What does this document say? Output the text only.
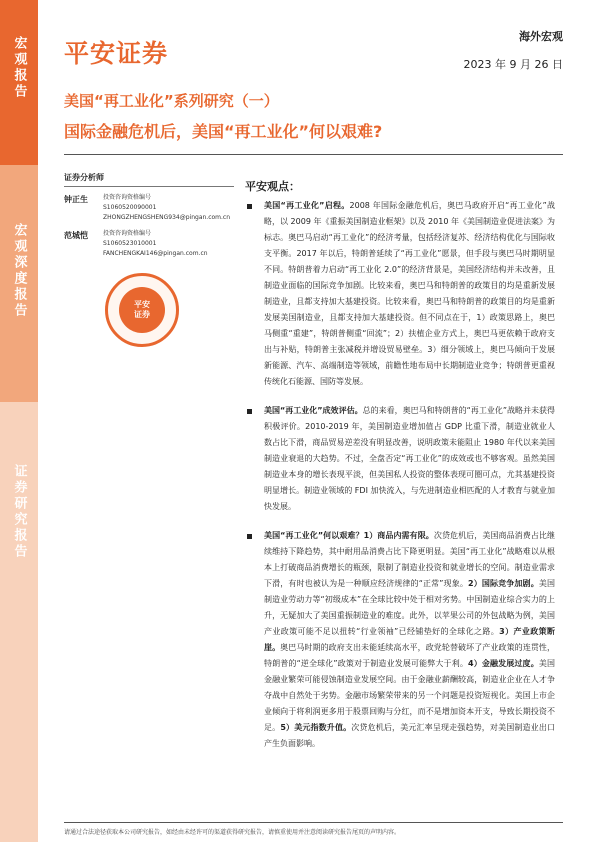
宏观报告
宏观深度报告
证券研究报告
平安证券
海外宏观
2023 年 9 月 26 日
美国“再工业化”系列研究（一）
国际金融危机后，美国“再工业化”何以艰难?
证券分析师
钟正生	投资咨询资格编号
S1060520090001
ZHONGZHENGSHENG934@pingan.com.cn
范城恺	投资咨询资格编号
S1060523010001
FANCHENGKAI146@pingan.com.cn
平安
证券
平安观点：
美国“再工业化”启程。2008 年国际金融危机后，奥巴马政府开启“再工业化”战略，以 2009 年《重振美国制造业框架》以及 2010 年《美国制造业促进法案》为标志。奥巴马启动“再工业化”的经济考量，包括经济复苏、经济结构优化与国际收支平衡。2017 年以后，特朗普延续了“再工业化”愿景，但手段与奥巴马时期明显不同。特朗普着力启动“再工业化 2.0”的经济背景是，美国经济结构并未改善，且制造业面临的国际竞争加剧。比较来看，奥巴马和特朗普的政策目的均是重新发展制造业，且都支持加大基建投资。比较来看，奥巴马和特朗普的政策目的均是重新发展美国制造业，且都支持加大基建投资。但不同点在于，1）政策思路上，奥巴马侧重“重建”，特朗普侧重“回流”；2）扶植企业方式上，奥巴马更依赖于政府支出与补贴，特朗普主张减税并增设贸易壁垒。3）细分领域上，奥巴马倾向于发展新能源、汽车、高端制造等领域，前瞻性地布局中长期制造业竞争；特朗普更重视传统化石能源、国防等发展。
美国“再工业化”成效评估。总的来看，奥巴马和特朗普的“再工业化”战略并未获得积极评价。2010-2019 年，美国制造业增加值占 GDP 比重下滑，制造业就业人数占比下滑，商品贸易逆差没有明显改善，说明政策未能阻止 1980 年代以来美国制造业衰退的大趋势。不过，全盘否定“再工业化”的成效或也不够客观。虽然美国制造业本身的增长表现平淡，但美国私人投资的整体表现可圈可点，尤其基建投资明显增长。制造业领域的 FDI 加快流入，与先进制造业相匹配的人才教育与就业加快发展。
美国“再工业化”何以艰难？1）商品内需有限。次贷危机后，美国商品消费占比继续维持下降趋势，其中耐用品消费占比下降更明显。美国“再工业化”战略难以从根本上打破商品消费增长的瓶颈，限制了制造业投资和就业增长的空间。制造业需求下滑，有时也被认为是一种顺应经济规律的“正常”现象。2）国际竞争加剧。美国制造业劳动力等“初级成本”在全球比较中处于相对劣势。中国制造业综合实力的上升，无疑加大了美国重振制造业的难度。此外，以苹果公司的外包战略为例，美国产业政策可能不足以扭转“行业领袖”已经铺垫好的全球化之路。3）产业政策断崖。奥巴马时期的政府支出未能延续高水平，政党轮替破坏了产业政策的连贯性，特朗普的“逆全球化”政策对于制造业发展可能弊大于利。4）金融发展过度。美国金融业繁荣可能侵蚀制造业发展空间。由于金融业薪酬较高，制造业企业在人才争夺战中自然处于劣势。金融市场繁荣带来的另一个问题是投资短视化。美国上市企业倾向于将利润更多用于股票回购与分红，而不是增加资本开支，导致长期投资不足。5）美元指数升值。次贷危机后，美元汇率呈现走强趋势，对美国制造业出口产生负面影响。
请通过合法途径获取本公司研究报告，如经由未经许可的渠道获得研究报告，请慎重使用并注意阅读研究报告尾页的声明内容。
